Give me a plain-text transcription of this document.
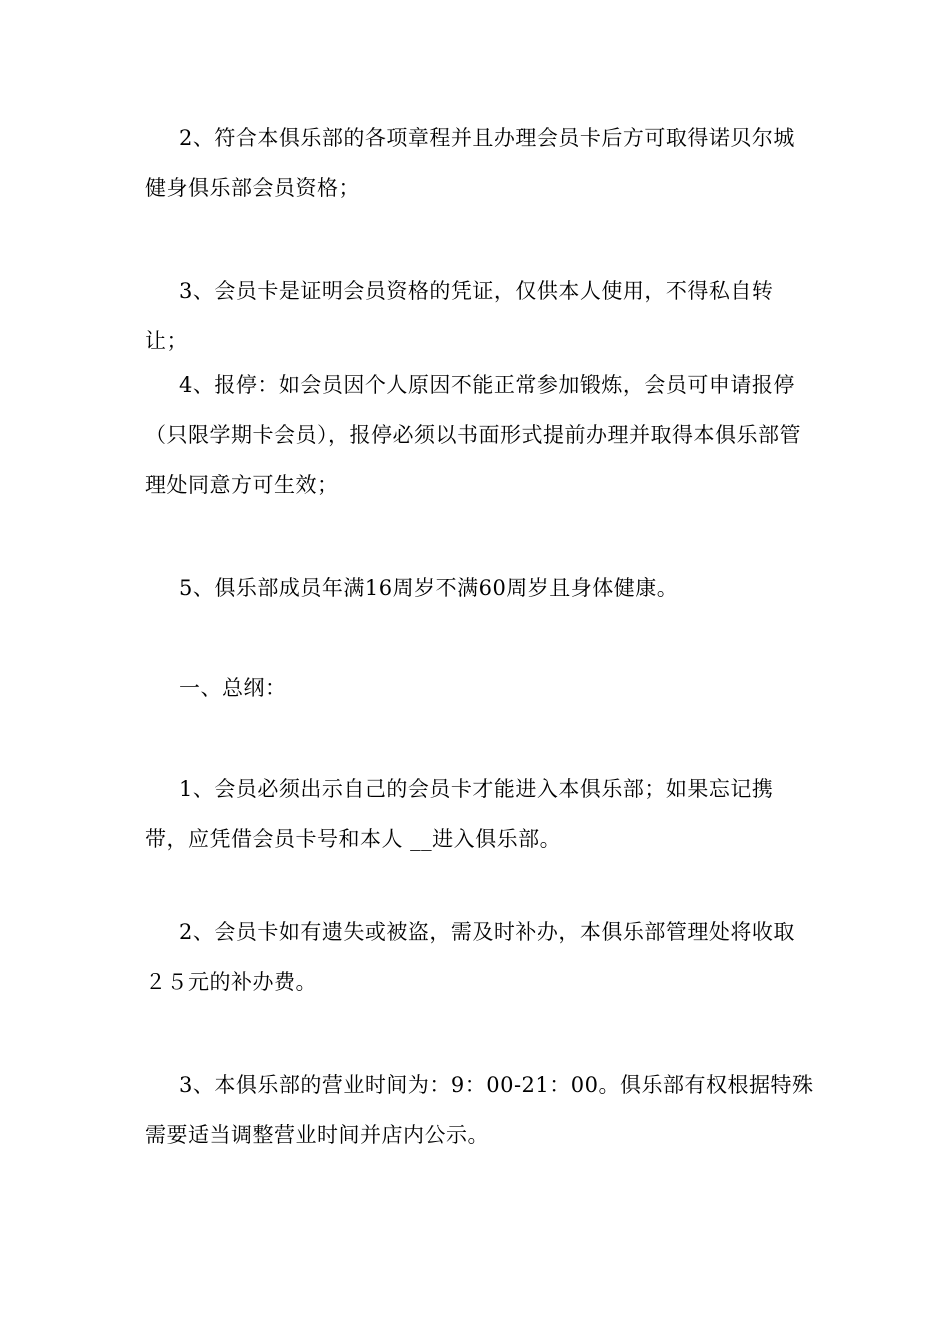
2、符合本俱乐部的各项章程并且办理会员卡后方可取得诺贝尔城健身俱乐部会员资格；

3、会员卡是证明会员资格的凭证，仅供本人使用，不得私自转让；

4、报停：如会员因个人原因不能正常参加锻炼，会员可申请报停（只限学期卡会员），报停必须以书面形式提前办理并取得本俱乐部管理处同意方可生效；

5、俱乐部成员年满16周岁不满60周岁且身体健康。

一、总纲：

1、会员必须出示自己的会员卡才能进入本俱乐部；如果忘记携带，应凭借会员卡号和本人 __进入俱乐部。

2、会员卡如有遗失或被盗，需及时补办，本俱乐部管理处将收取２５元的补办费。

3、本俱乐部的营业时间为：9：00-21：00。俱乐部有权根据特殊需要适当调整营业时间并店内公示。
